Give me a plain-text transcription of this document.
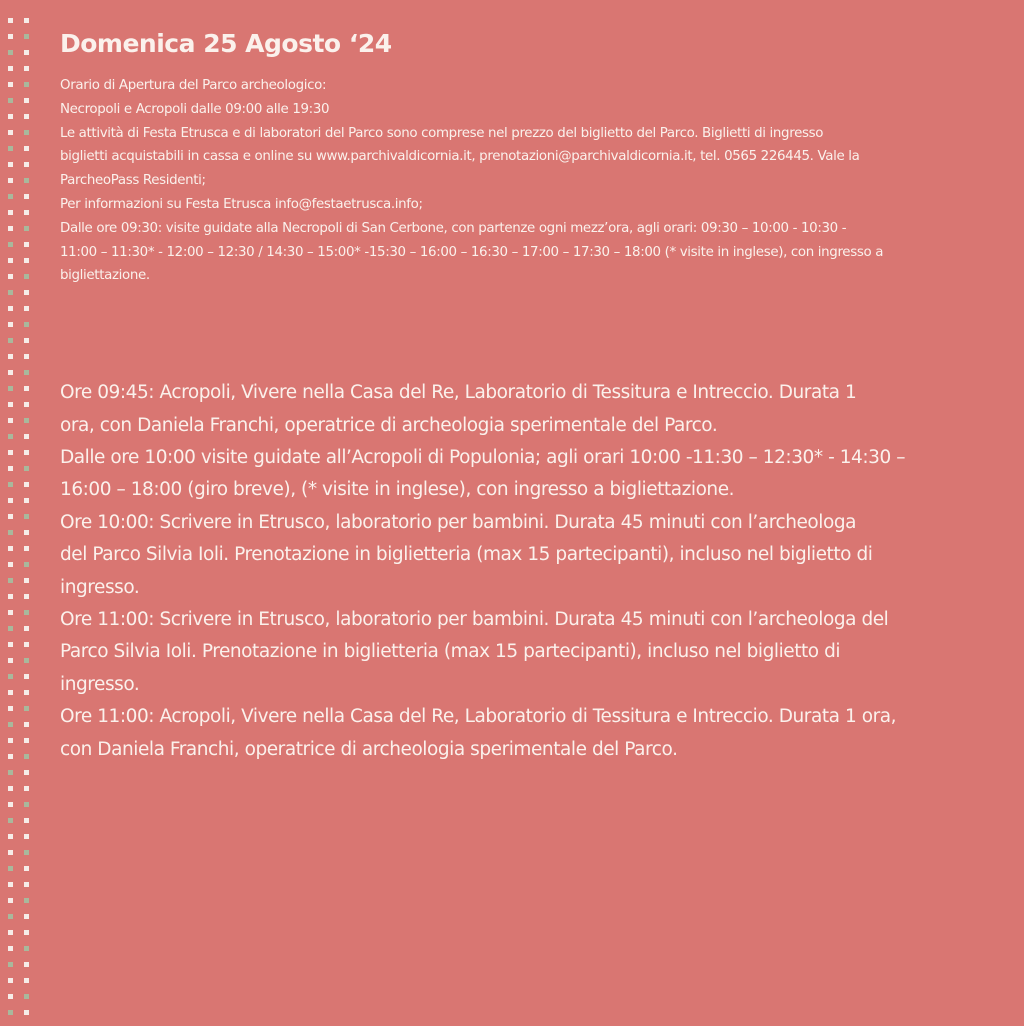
Domenica 25 Agosto ‘24
Orario di Apertura del Parco archeologico:
Necropoli e Acropoli dalle 09:00 alle 19:30
Le attività di Festa Etrusca e di laboratori del Parco sono comprese nel prezzo del biglietto del Parco. Biglietti di ingresso
biglietti acquistabili in cassa e online su www.parchivaldicornia.it, prenotazioni@parchivaldicornia.it, tel. 0565 226445. Vale la
ParcheoPass Residenti;
Per informazioni su Festa Etrusca info@festaetrusca.info;
Dalle ore 09:30: visite guidate alla Necropoli di San Cerbone, con partenze ogni mezz’ora, agli orari: 09:30 – 10:00 - 10:30 -
11:00 – 11:30* - 12:00 – 12:30 / 14:30 – 15:00* -15:30 – 16:00 – 16:30 – 17:00 – 17:30 – 18:00 (* visite in inglese), con ingresso a
bigliettazione.
Ore 09:45: Acropoli, Vivere nella Casa del Re, Laboratorio di Tessitura e Intreccio. Durata 1
ora, con Daniela Franchi, operatrice di archeologia sperimentale del Parco.
Dalle ore 10:00 visite guidate all’Acropoli di Populonia; agli orari 10:00 -11:30 – 12:30* - 14:30 –
16:00 – 18:00 (giro breve), (* visite in inglese), con ingresso a bigliettazione.
Ore 10:00: Scrivere in Etrusco, laboratorio per bambini. Durata 45 minuti con l’archeologa
del Parco Silvia Ioli. Prenotazione in biglietteria (max 15 partecipanti), incluso nel biglietto di
ingresso.
Ore 11:00: Scrivere in Etrusco, laboratorio per bambini. Durata 45 minuti con l’archeologa del
Parco Silvia Ioli. Prenotazione in biglietteria (max 15 partecipanti), incluso nel biglietto di
ingresso.
Ore 11:00: Acropoli, Vivere nella Casa del Re, Laboratorio di Tessitura e Intreccio. Durata 1 ora,
con Daniela Franchi, operatrice di archeologia sperimentale del Parco.
